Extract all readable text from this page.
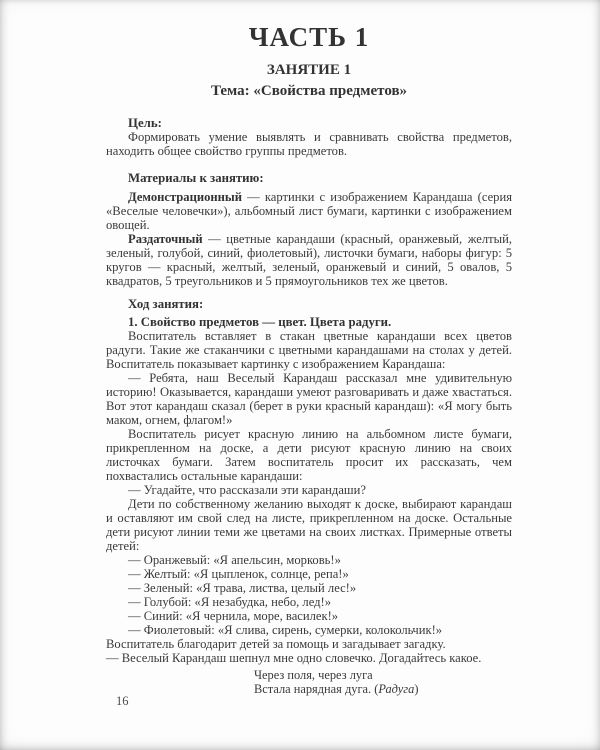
ЧАСТЬ 1
ЗАНЯТИЕ 1
Тема: «Свойства предметов»

Цель:

Формировать умение выявлять и сравнивать свойства предметов, находить общее свойство группы предметов.

Материалы к занятию:

Демонстрационный — картинки с изображением Карандаша (серия «Веселые человечки»), альбомный лист бумаги, картинки с изображением овощей.

Раздаточный — цветные карандаши (красный, оранжевый, желтый, зеленый, голубой, синий, фиолетовый), листочки бумаги, наборы фигур: 5 кругов — красный, желтый, зеленый, оранжевый и синий, 5 овалов, 5 квадратов, 5 треугольников и 5 прямоугольников тех же цветов.

Ход занятия:

1. Свойство предметов — цвет. Цвета радуги.

Воспитатель вставляет в стакан цветные карандаши всех цветов радуги. Такие же стаканчики с цветными карандашами на столах у детей. Воспитатель показывает картинку с изображением Карандаша:

— Ребята, наш Веселый Карандаш рассказал мне удивительную историю! Оказывается, карандаши умеют разговаривать и даже хвастаться. Вот этот карандаш сказал (берет в руки красный карандаш): «Я могу быть маком, огнем, флагом!»

Воспитатель рисует красную линию на альбомном листе бумаги, прикрепленном на доске, а дети рисуют красную линию на своих листочках бумаги. Затем воспитатель просит их рассказать, чем похвастались остальные карандаши:

— Угадайте, что рассказали эти карандаши?

Дети по собственному желанию выходят к доске, выбирают карандаш и оставляют им свой след на листе, прикрепленном на доске. Остальные дети рисуют линии теми же цветами на своих листках. Примерные ответы детей:

— Оранжевый: «Я апельсин, морковь!»

— Желтый: «Я цыпленок, солнце, репа!»

— Зеленый: «Я трава, листва, целый лес!»

— Голубой: «Я незабудка, небо, лед!»

— Синий: «Я чернила, море, василек!»

— Фиолетовый: «Я слива, сирень, сумерки, колокольчик!»

Воспитатель благодарит детей за помощь и загадывает загадку.

— Веселый Карандаш шепнул мне одно словечко. Догадайтесь какое.

Через поля, через луга

Встала нарядная дуга. (Радуга)

16
